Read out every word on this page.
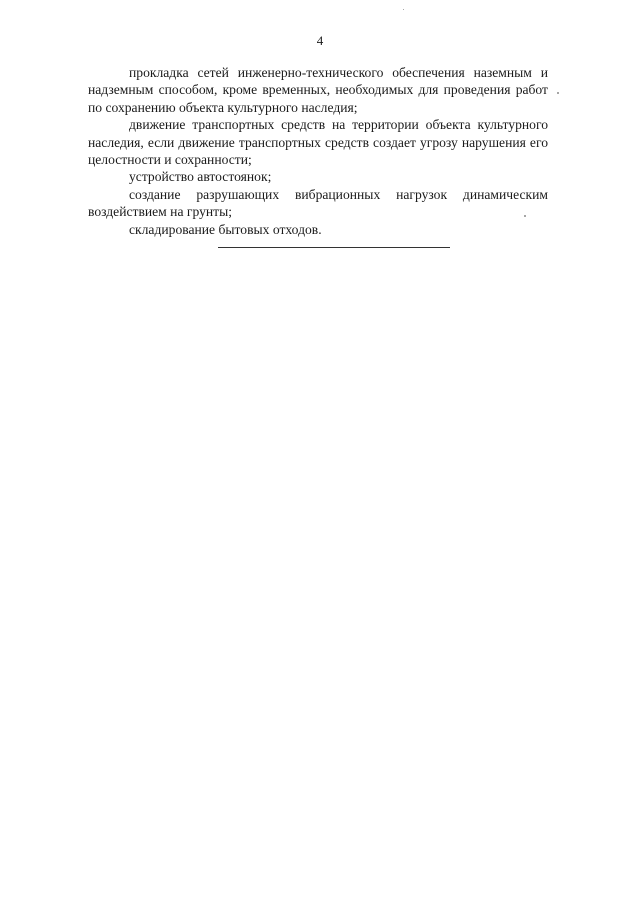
4

прокладка сетей инженерно-технического обеспечения наземным и надземным способом, кроме временных, необходимых для проведения работ по сохранению объекта культурного наследия;

движение транспортных средств на территории объекта культурного наследия, если движение транспортных средств создает угрозу нарушения его целостности и сохранности;

устройство автостоянок;

создание разрушающих вибрационных нагрузок динамическим воздействием на грунты;

складирование бытовых отходов.
